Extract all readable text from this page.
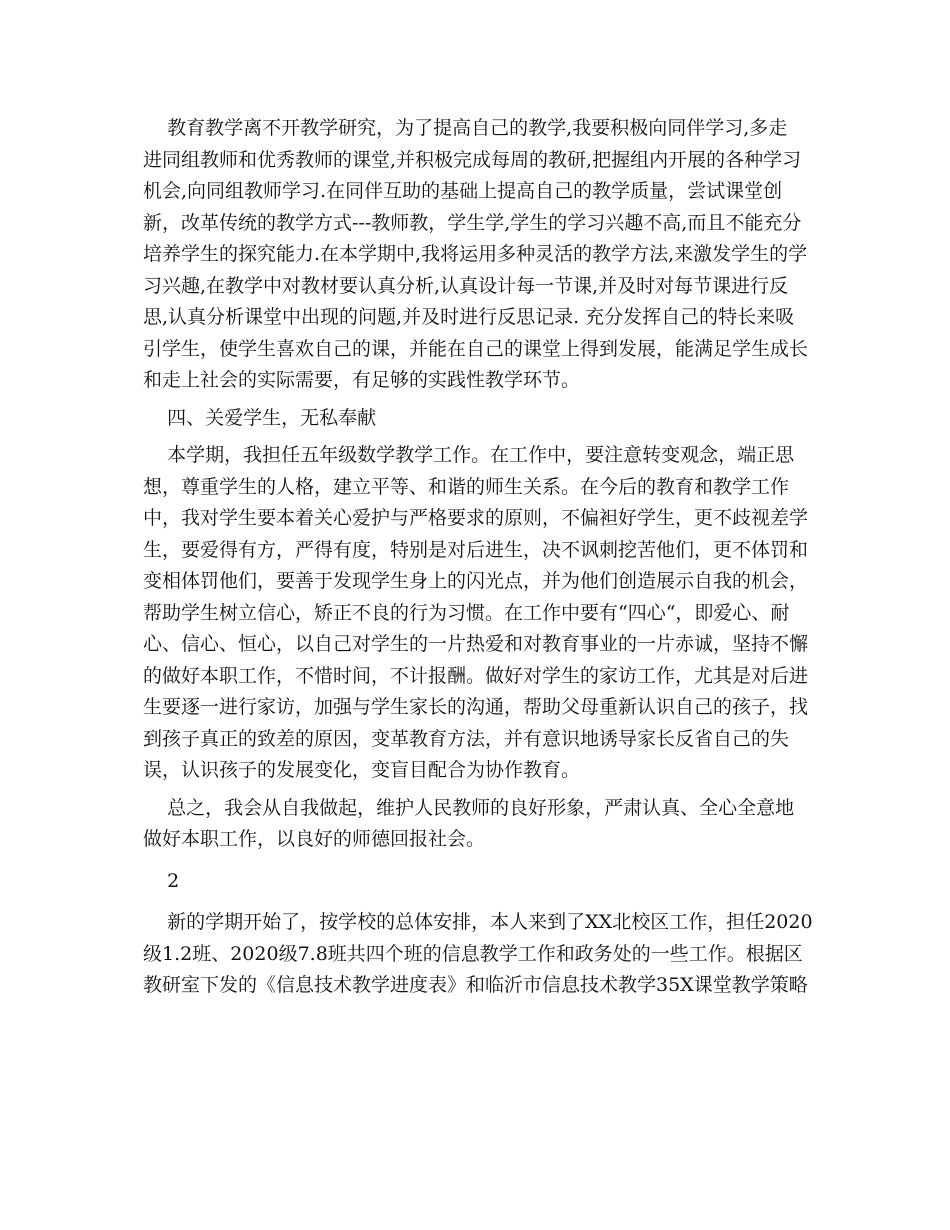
教育教学离不开教学研究，为了提高自己的教学,我要积极向同伴学习,多走
进同组教师和优秀教师的课堂,并积极完成每周的教研,把握组内开展的各种学习
机会,向同组教师学习.在同伴互助的基础上提高自己的教学质量，尝试课堂创
新，改革传统的教学方式---教师教，学生学,学生的学习兴趣不高,而且不能充分
培养学生的探究能力.在本学期中,我将运用多种灵活的教学方法,来激发学生的学
习兴趣,在教学中对教材要认真分析,认真设计每一节课,并及时对每节课进行反
思,认真分析课堂中出现的问题,并及时进行反思记录. 充分发挥自己的特长来吸
引学生，使学生喜欢自己的课，并能在自己的课堂上得到发展，能满足学生成长
和走上社会的实际需要，有足够的实践性教学环节。
四、关爱学生，无私奉献
本学期，我担任五年级数学教学工作。在工作中，要注意转变观念，端正思
想，尊重学生的人格，建立平等、和谐的师生关系。在今后的教育和教学工作
中，我对学生要本着关心爱护与严格要求的原则，不偏袒好学生，更不歧视差学
生，要爱得有方，严得有度，特别是对后进生，决不讽刺挖苦他们，更不体罚和
变相体罚他们，要善于发现学生身上的闪光点，并为他们创造展示自我的机会，
帮助学生树立信心，矫正不良的行为习惯。在工作中要有“四心“，即爱心、耐
心、信心、恒心，以自己对学生的一片热爱和对教育事业的一片赤诚，坚持不懈
的做好本职工作，不惜时间，不计报酬。做好对学生的家访工作，尤其是对后进
生要逐一进行家访，加强与学生家长的沟通，帮助父母重新认识自己的孩子，找
到孩子真正的致差的原因，变革教育方法，并有意识地诱导家长反省自己的失
误，认识孩子的发展变化，变盲目配合为协作教育。
总之，我会从自我做起，维护人民教师的良好形象，严肃认真、全心全意地
做好本职工作，以良好的师德回报社会。
2
新的学期开始了，按学校的总体安排，本人来到了XX北校区工作，担任2020
级1.2班、2020级7.8班共四个班的信息教学工作和政务处的一些工作。根据区
教研室下发的《信息技术教学进度表》和临沂市信息技术教学35X课堂教学策略
